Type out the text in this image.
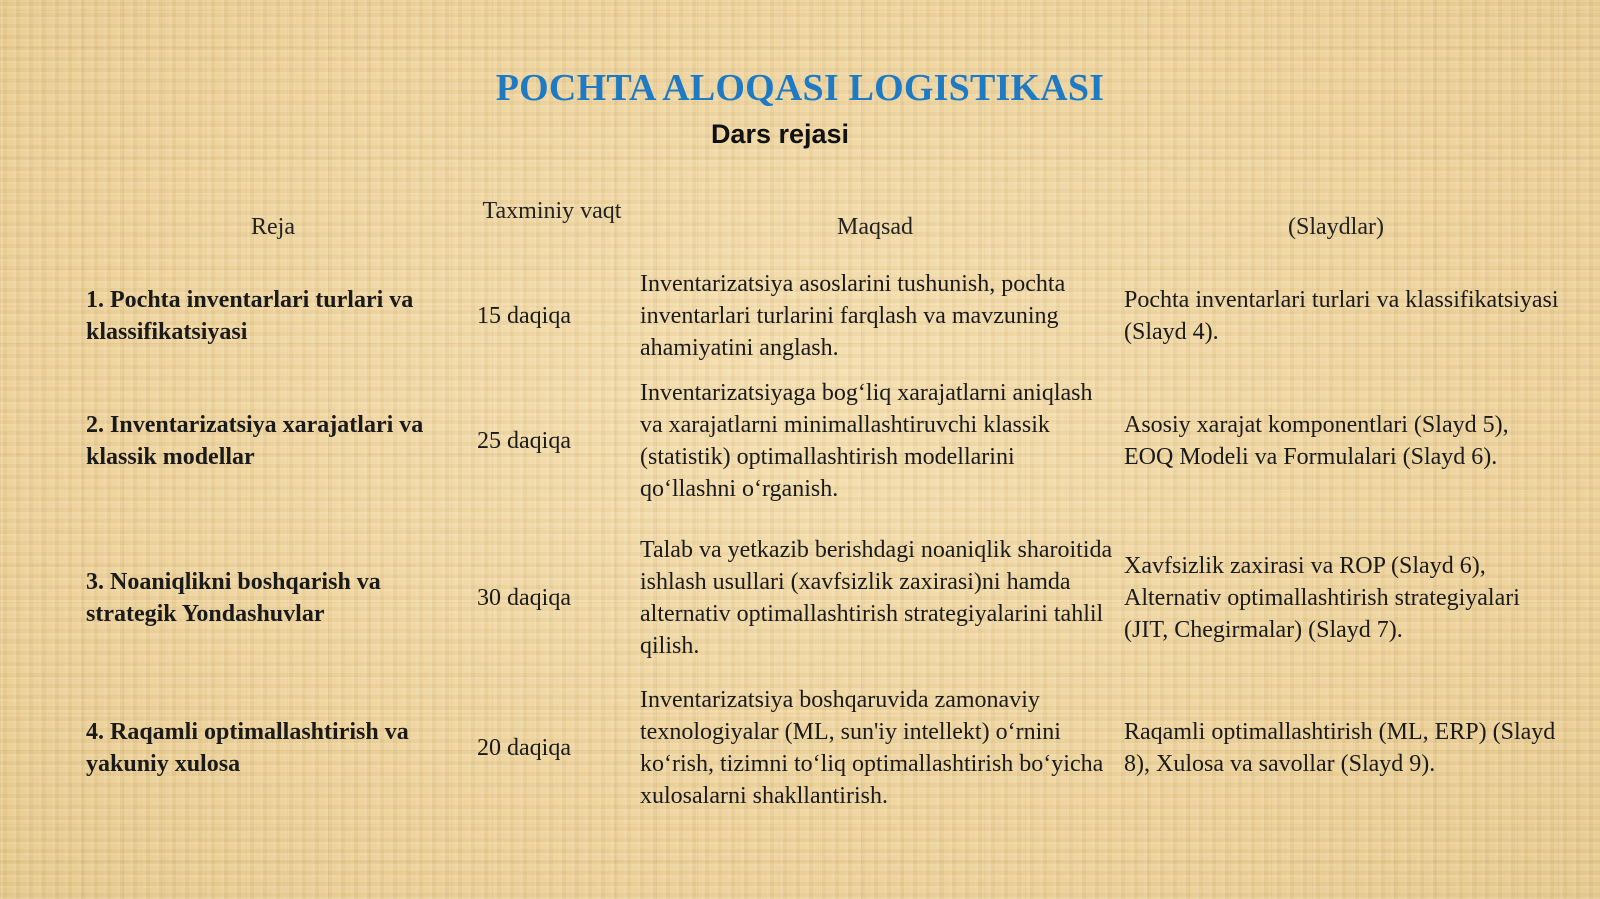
POCHTA ALOQASI LOGISTIKASI
Dars rejasi
Reja
Taxminiy vaqt
Maqsad	(Slaydlar)
1. Pochta inventarlari turlari va klassifikatsiyasi
15 daqiqa
Inventarizatsiya asoslarini tushunish, pochta inventarlari turlarini farqlash va mavzuning ahamiyatini anglash.
Pochta inventarlari turlari va klassifikatsiyasi (Slayd 4).
2. Inventarizatsiya xarajatlari va klassik modellar
25 daqiqa
Inventarizatsiyaga bog‘liq xarajatlarni aniqlash va xarajatlarni minimallashtiruvchi klassik (statistik) optimallashtirish modellarini qo‘llashni o‘rganish.
Asosiy xarajat komponentlari (Slayd 5), EOQ Modeli va Formulalari (Slayd 6).
3. Noaniqlikni boshqarish va strategik Yondashuvlar
30 daqiqa
Talab va yetkazib berishdagi noaniqlik sharoitida ishlash usullari (xavfsizlik zaxirasi)ni hamda alternativ optimallashtirish strategiyalarini tahlil qilish.
Xavfsizlik zaxirasi va ROP (Slayd 6), Alternativ optimallashtirish strategiyalari (JIT, Chegirmalar) (Slayd 7).
4. Raqamli optimallashtirish va yakuniy xulosa
20 daqiqa
Inventarizatsiya boshqaruvida zamonaviy texnologiyalar (ML, sun'iy intellekt) o‘rnini ko‘rish, tizimni to‘liq optimallashtirish bo‘yicha xulosalarni shakllantirish.
Raqamli optimallashtirish (ML, ERP) (Slayd 8), Xulosa va savollar (Slayd 9).
